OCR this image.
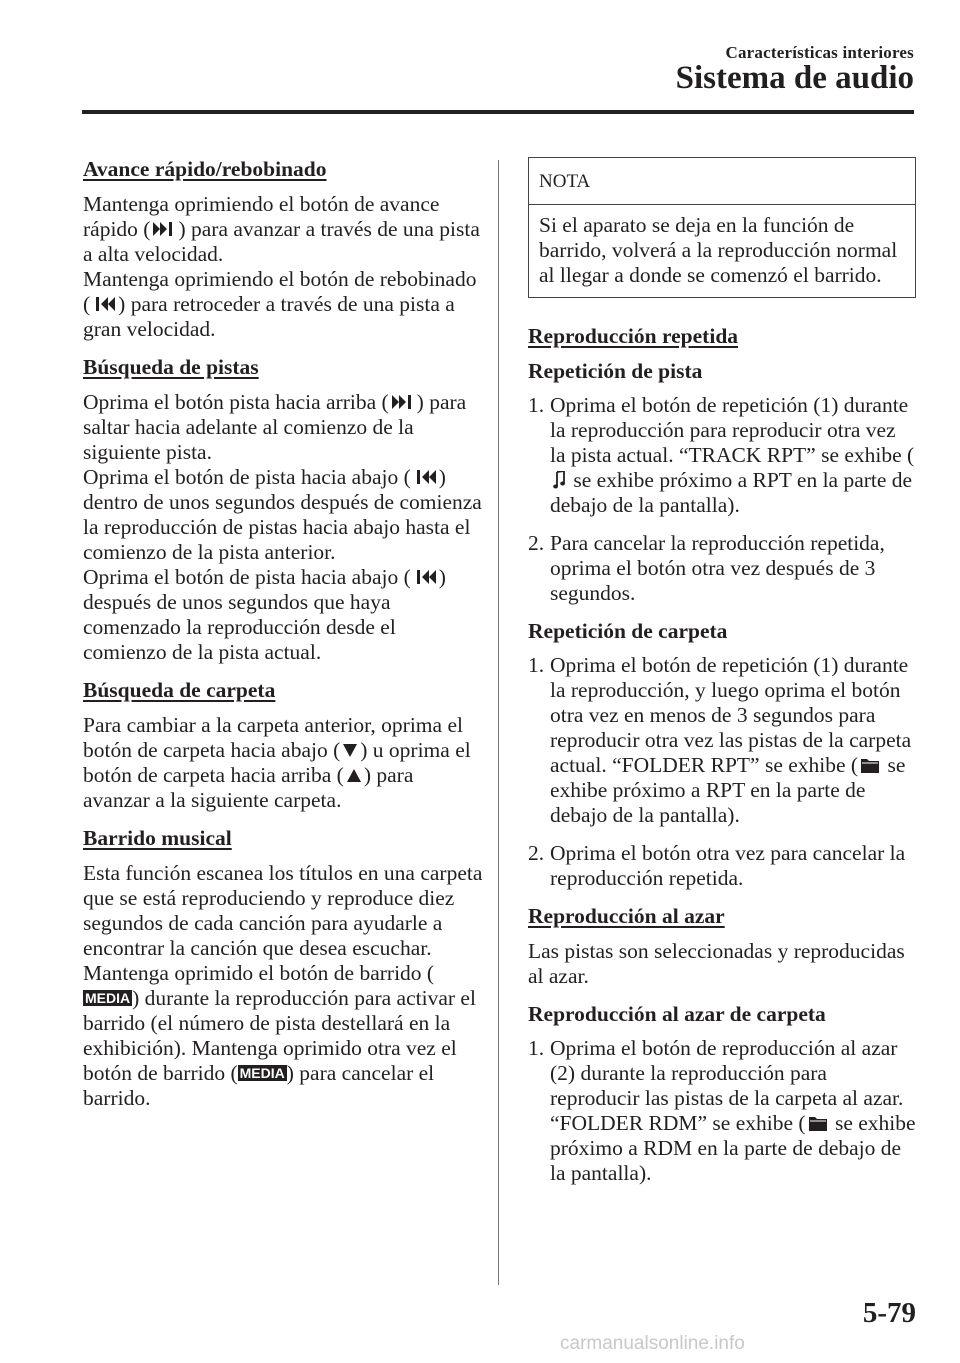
Características interiores
Sistema de audio
Avance rápido/rebobinado

Mantenga oprimiendo el botón de avance rápido ( ) para avanzar a través de una pista a alta velocidad.

Mantenga oprimiendo el botón de rebobinado ( ) para retroceder a través de una pista a gran velocidad.

Búsqueda de pistas

Oprima el botón pista hacia arriba ( ) para saltar hacia adelante al comienzo de la siguiente pista.

Oprima el botón de pista hacia abajo ( ) dentro de unos segundos después de comienza la reproducción de pistas hacia abajo hasta el comienzo de la pista anterior.

Oprima el botón de pista hacia abajo ( ) después de unos segundos que haya comenzado la reproducción desde el comienzo de la pista actual.

Búsqueda de carpeta

Para cambiar a la carpeta anterior, oprima el botón de carpeta hacia abajo ( ) u oprima el botón de carpeta hacia arriba ( ) para avanzar a la siguiente carpeta.

Barrido musical

Esta función escanea los títulos en una carpeta que se está reproduciendo y reproduce diez segundos de cada canción para ayudarle a encontrar la canción que desea escuchar.

Mantenga oprimido el botón de barrido (MEDIA) durante la reproducción para activar el barrido (el número de pista destellará en la exhibición). Mantenga oprimido otra vez el botón de barrido ( MEDIA) para cancelar el barrido.

NOTA
Si el aparato se deja en la función de barrido, volverá a la reproducción normal al llegar a donde se comenzó el barrido.
Reproducción repetida
Repetición de pista
1. Oprima el botón de repetición (1) durante la reproducción para reproducir otra vez la pista actual. “TRACK RPT” se exhibe ( se exhibe próximo a RPT en la parte de debajo de la pantalla).
2. Para cancelar la reproducción repetida, oprima el botón otra vez después de 3 segundos.
Repetición de carpeta
1. Oprima el botón de repetición (1) durante la reproducción, y luego oprima el botón otra vez en menos de 3 segundos para reproducir otra vez las pistas de la carpeta actual. “FOLDER RPT” se exhibe ( se exhibe próximo a RPT en la parte de debajo de la pantalla).
2. Oprima el botón otra vez para cancelar la reproducción repetida.
Reproducción al azar

Las pistas son seleccionadas y reproducidas al azar.

Reproducción al azar de carpeta
1. Oprima el botón de reproducción al azar (2) durante la reproducción para reproducir las pistas de la carpeta al azar. “FOLDER RDM” se exhibe ( se exhibe próximo a RDM en la parte de debajo de la pantalla).
5-79
carmanualsonline.info
